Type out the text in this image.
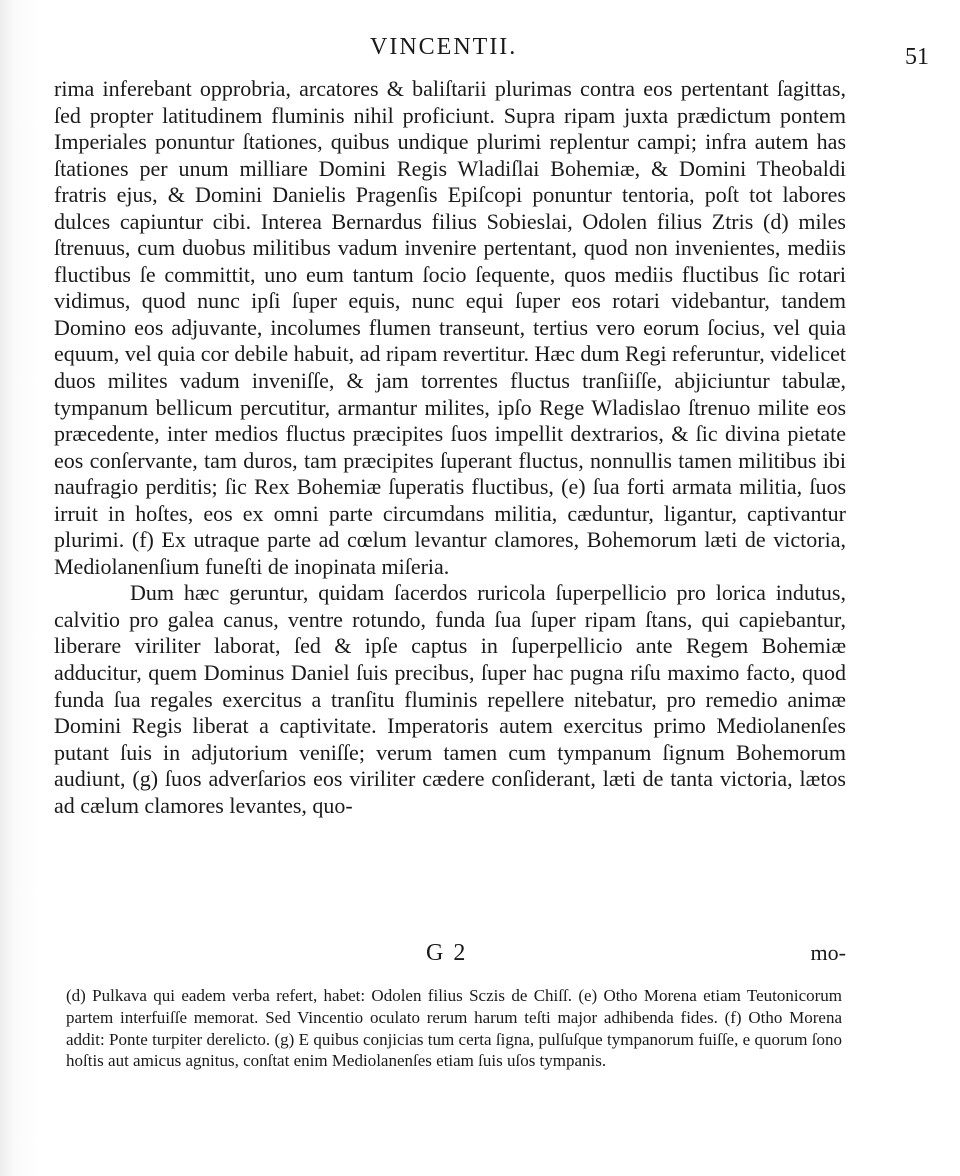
VINCENTII.	51

rima inferebant opprobria, arcatores & baliſtarii plurimas contra eos pertentant ſagittas, ſed propter latitudinem fluminis nihil proficiunt. Supra ripam juxta prædictum pontem Imperiales ponuntur ſtationes, quibus undique plurimi replentur campi; infra autem has ſtationes per unum milliare Domini Regis Wladiſlai Bohemiæ, & Domini Theobaldi fratris ejus, & Domini Danielis Pragenſis Epiſcopi ponuntur tentoria, poſt tot labores dulces capiuntur cibi. Interea Bernardus filius Sobieslai, Odolen filius Ztris (d) miles ſtrenuus, cum duobus militibus vadum invenire pertentant, quod non invenientes, mediis fluctibus ſe committit, uno eum tantum ſocio ſequente, quos mediis fluctibus ſic rotari vidimus, quod nunc ipſi ſuper equis, nunc equi ſuper eos rotari videbantur, tandem Domino eos adjuvante, incolumes flumen transeunt, tertius vero eorum ſocius, vel quia equum, vel quia cor debile habuit, ad ripam revertitur. Hæc dum Regi referuntur, videlicet duos milites vadum inveniſſe, & jam torrentes fluctus tranſiiſſe, abjiciuntur tabulæ, tympanum bellicum percutitur, armantur milites, ipſo Rege Wladislao ſtrenuo milite eos præcedente, inter medios fluctus præcipites ſuos impellit dextrarios, & ſic divina pietate eos conſervante, tam duros, tam præcipites ſuperant fluctus, nonnullis tamen militibus ibi naufragio perditis; ſic Rex Bohemiæ ſuperatis fluctibus, (e) ſua forti armata militia, ſuos irruit in hoſtes, eos ex omni parte circumdans militia, cæduntur, ligantur, captivantur plurimi. (f) Ex utraque parte ad cœlum levantur clamores, Bohemorum læti de victoria, Mediolanenſium funeſti de inopinata miſeria.

Dum hæc geruntur, quidam ſacerdos ruricola ſuperpellicio pro lorica indutus, calvitio pro galea canus, ventre rotundo, funda ſua ſuper ripam ſtans, qui capiebantur, liberare viriliter laborat, ſed & ipſe captus in ſuperpellicio ante Regem Bohemiæ adducitur, quem Dominus Daniel ſuis precibus, ſuper hac pugna riſu maximo facto, quod funda ſua regales exercitus a tranſitu fluminis repellere nitebatur, pro remedio animæ Domini Regis liberat a captivitate. Imperatoris autem exercitus primo Mediolanenſes putant ſuis in adjutorium veniſſe; verum tamen cum tympanum ſignum Bohemorum audiunt, (g) ſuos adverſarios eos viriliter cædere conſiderant, læti de tanta victoria, lætos ad cælum clamores levantes, quo-

G 2	mo-

(d) Pulkava qui eadem verba refert, habet: Odolen filius Sczis de Chiſſ. (e) Otho Morena etiam Teutonicorum partem interfuiſſe memorat. Sed Vincentio oculato rerum harum teſti major adhibenda fides. (f) Otho Morena addit: Ponte turpiter derelicto. (g) E quibus conjicias tum certa ſigna, pulſuſque tympanorum fuiſſe, e quorum ſono hoſtis aut amicus agnitus, conſtat enim Mediolanenſes etiam ſuis uſos tympanis.
